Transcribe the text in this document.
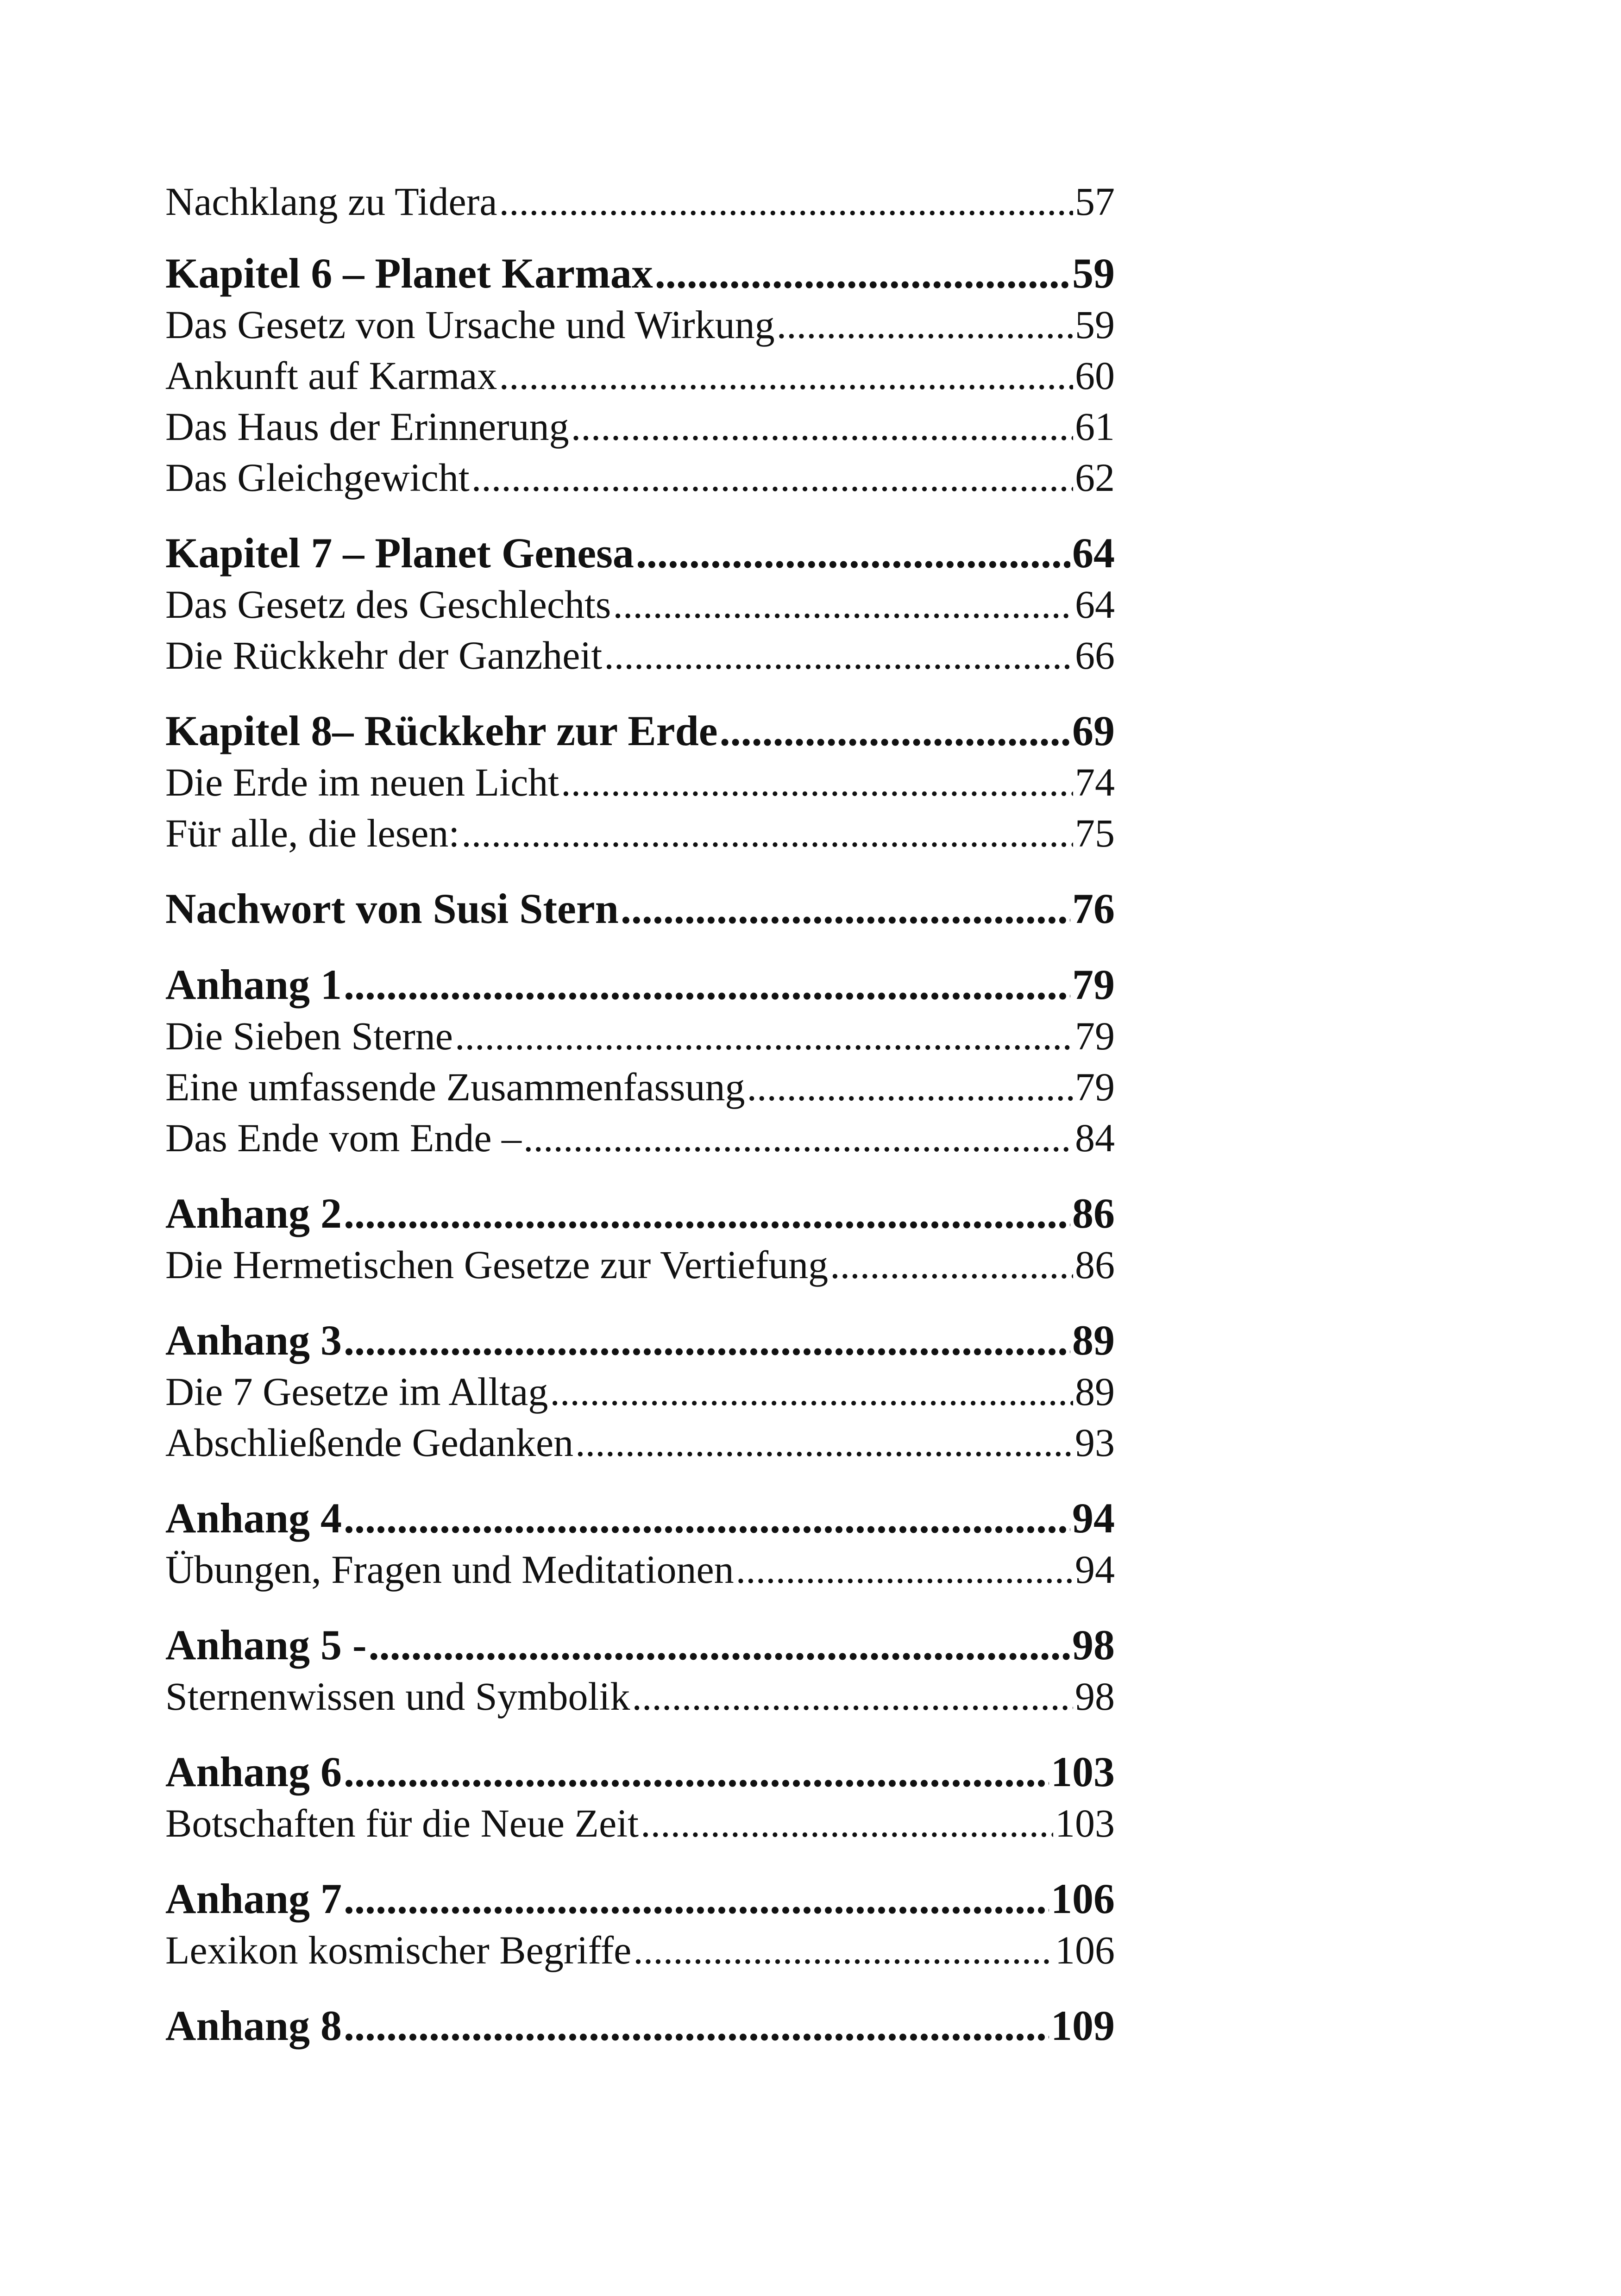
Nachklang zu Tidera .....	57
Kapitel 6 – Planet Karmax .....	59
Das Gesetz von Ursache und Wirkung .....	59
Ankunft auf Karmax .....	60
Das Haus der Erinnerung .....	61
Das Gleichgewicht .....	62
Kapitel 7 – Planet Genesa .....	64
Das Gesetz des Geschlechts .....	64
Die Rückkehr der Ganzheit .....	66
Kapitel 8– Rückkehr zur Erde .....	69
Die Erde im neuen Licht .....	74
Für alle, die lesen: .....	75
Nachwort von Susi Stern .....	76
Anhang 1 .....	79
Die Sieben Sterne .....	79
Eine umfassende Zusammenfassung .....	79
Das Ende vom Ende – .....	84
Anhang 2 .....	86
Die Hermetischen Gesetze zur Vertiefung .....	86
Anhang 3 .....	89
Die 7 Gesetze im Alltag .....	89
Abschließende Gedanken .....	93
Anhang 4 .....	94
Übungen, Fragen und Meditationen .....	94
Anhang 5 - .....	98
Sternenwissen und Symbolik .....	98
Anhang 6 .....	103
Botschaften für die Neue Zeit .....	103
Anhang 7 .....	106
Lexikon kosmischer Begriffe .....	106
Anhang 8 .....	109
